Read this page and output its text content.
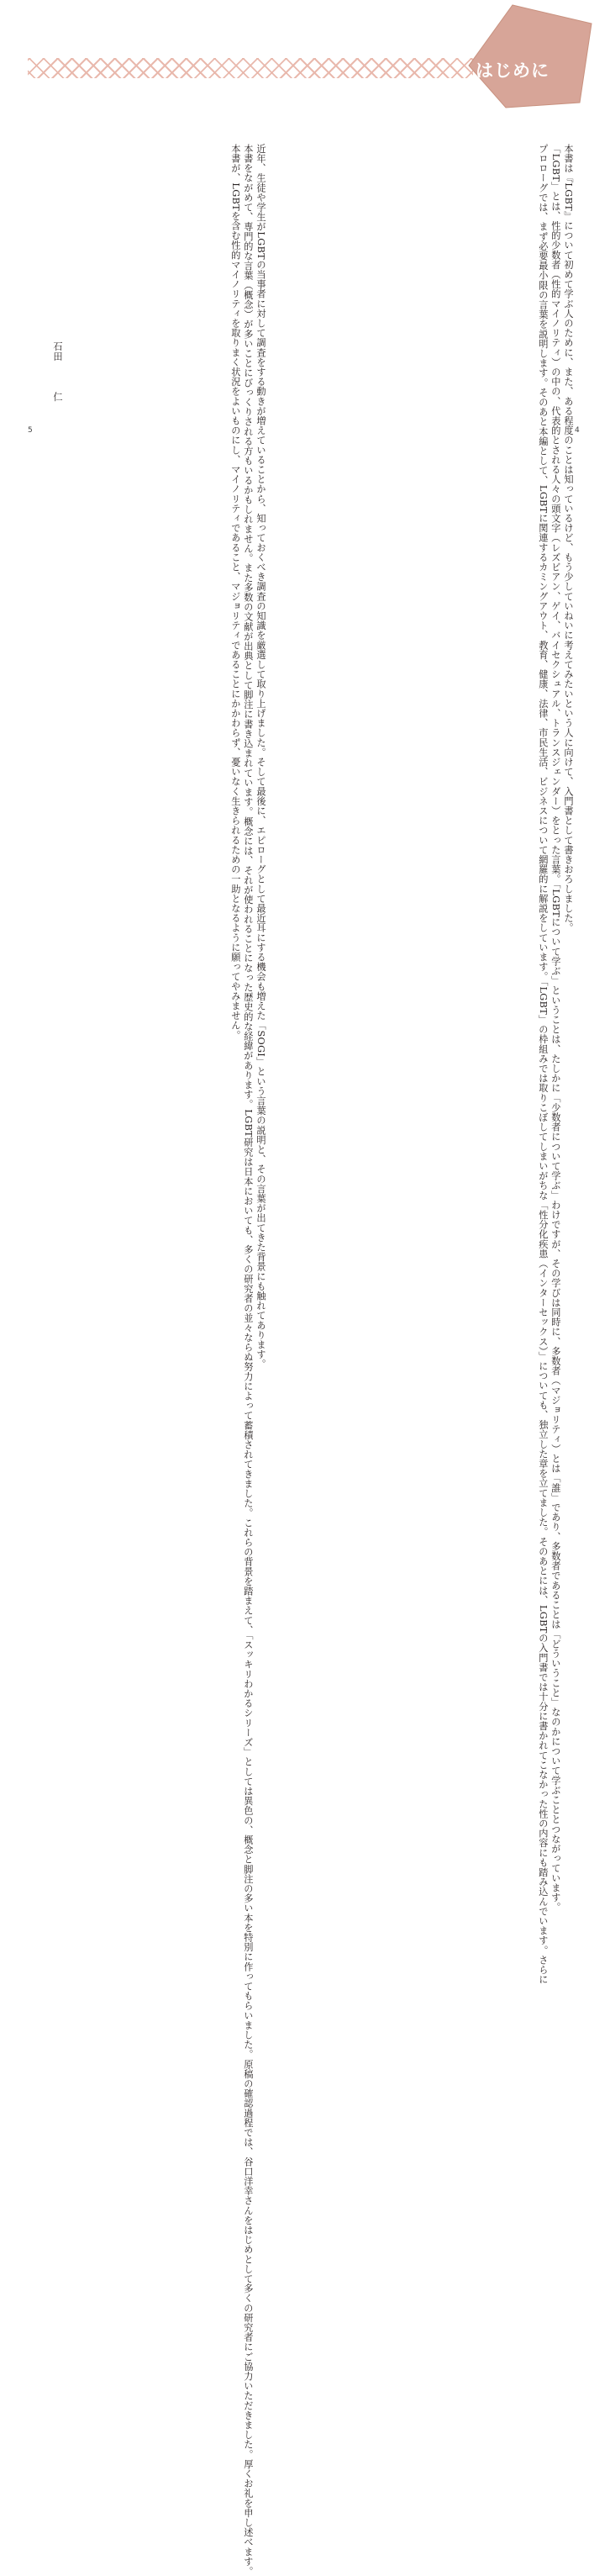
はじめに
本書は『LGBT』について初めて学ぶ人のために、また、ある程度のことは知っているけど、もう少していねいに考えてみたいという人に向けて、入門書として書きおろしました。
「LGBT」とは、性的少数者（性的マイノリティ）の中の、代表的とされる人々の頭文字（レズビアン、ゲイ、バイセクシュアル、トランスジェンダー）をとった言葉。「LGBTについて学ぶ」ということは、たしかに「少数者について学ぶ」わけですが、その学びは同時に、多数者（マジョリティ）とは「誰」であり、多数者であることは「どういうこと」なのかについて学ぶこととつながっています。
プロローグでは、まず必要最小限の言葉を説明します。そのあと本編として、LGBTに関連するカミングアウト、教育、健康、法律、市民生活、ビジネスについて網羅的に解説をしています。「LGBT」の枠組みでは取りこぼしてしまいがちな「性分化疾患（インターセックス）」についても、独立した章を立てました。そのあとには、LGBTの入門書では十分に書かれてこなかった性の内容にも踏み込んでいます。さらに
近年、生徒や学生がLGBTの当事者に対して調査をする動きが増えていることから、知っておくべき調査の知識を厳選して取り上げました。そして最後に、エピローグとして最近耳にする機会も増えた「SOGI」という言葉の説明と、その言葉が出てきた背景にも触れてあります。
本書をながめて、専門的な言葉（概念）が多いことにびっくりされる方もいるかもしれません。また多数の文献が出典として脚注に書き込まれています。概念には、それが使われることになった歴史的な経緯があります。LGBT研究は日本においても、多くの研究者の並々ならぬ努力によって蓄積されてきました。これらの背景を踏まえて、「スッキリわかるシリーズ」としては異色の、概念と脚注の多い本を特別に作ってもらいました。原稿の確認過程では、谷口洋幸さんをはじめとして多くの研究者にご協力いただきました。厚くお礼を申し述べます。
本書が、LGBTを含む性的マイノリティを取りまく状況をよいものにし、マイノリティであること、マジョリティであることにかかわらず、憂いなく生きられるための一助となるように願ってやみません。
石田  仁
5	4
